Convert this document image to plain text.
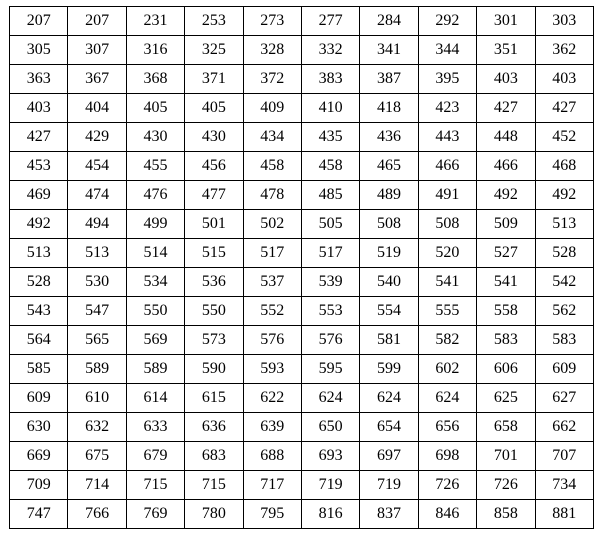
207	207	231	253	273	277	284	292	301	303
305	307	316	325	328	332	341	344	351	362
363	367	368	371	372	383	387	395	403	403
403	404	405	405	409	410	418	423	427	427
427	429	430	430	434	435	436	443	448	452
453	454	455	456	458	458	465	466	466	468
469	474	476	477	478	485	489	491	492	492
492	494	499	501	502	505	508	508	509	513
513	513	514	515	517	517	519	520	527	528
528	530	534	536	537	539	540	541	541	542
543	547	550	550	552	553	554	555	558	562
564	565	569	573	576	576	581	582	583	583
585	589	589	590	593	595	599	602	606	609
609	610	614	615	622	624	624	624	625	627
630	632	633	636	639	650	654	656	658	662
669	675	679	683	688	693	697	698	701	707
709	714	715	715	717	719	719	726	726	734
747	766	769	780	795	816	837	846	858	881
